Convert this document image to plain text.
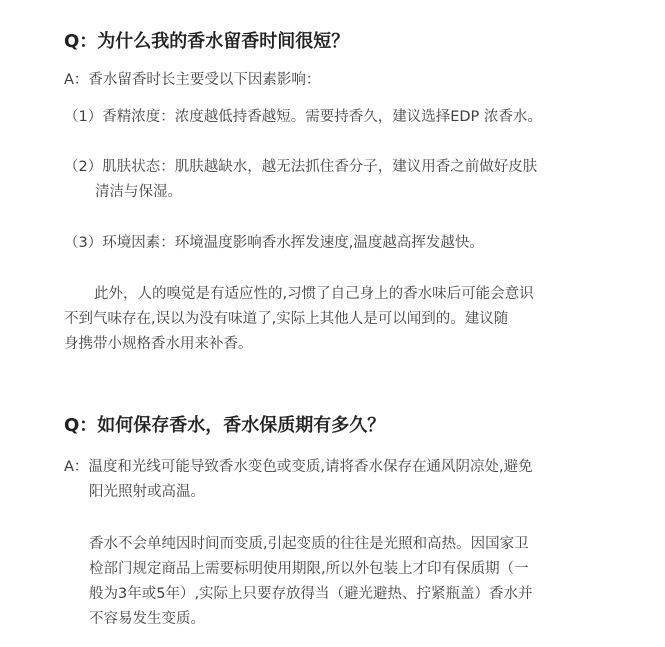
Q：为什么我的香水留香时间很短？

A：香水留香时长主要受以下因素影响：

（1）香精浓度：浓度越低持香越短。需要持香久，建议选择EDP 浓香水。

（2）肌肤状态：肌肤越缺水，越无法抓住香分子，建议用香之前做好皮肤
清洁与保湿。

（3）环境因素：环境温度影响香水挥发速度,温度越高挥发越快。

此外，人的嗅觉是有适应性的,习惯了自己身上的香水味后可能会意识
不到气味存在,误以为没有味道了,实际上其他人是可以闻到的。建议随
身携带小规格香水用来补香。
Q：如何保存香水，香水保质期有多久？
A：温度和光线可能导致香水变色或变质,请将香水保存在通风阴凉处,避免
阳光照射或高温。
香水不会单纯因时间而变质,引起变质的往往是光照和高热。因国家卫
检部门规定商品上需要标明使用期限,所以外包装上才印有保质期（一
般为3年或5年）,实际上只要存放得当（避光避热、拧紧瓶盖）香水并
不容易发生变质。
